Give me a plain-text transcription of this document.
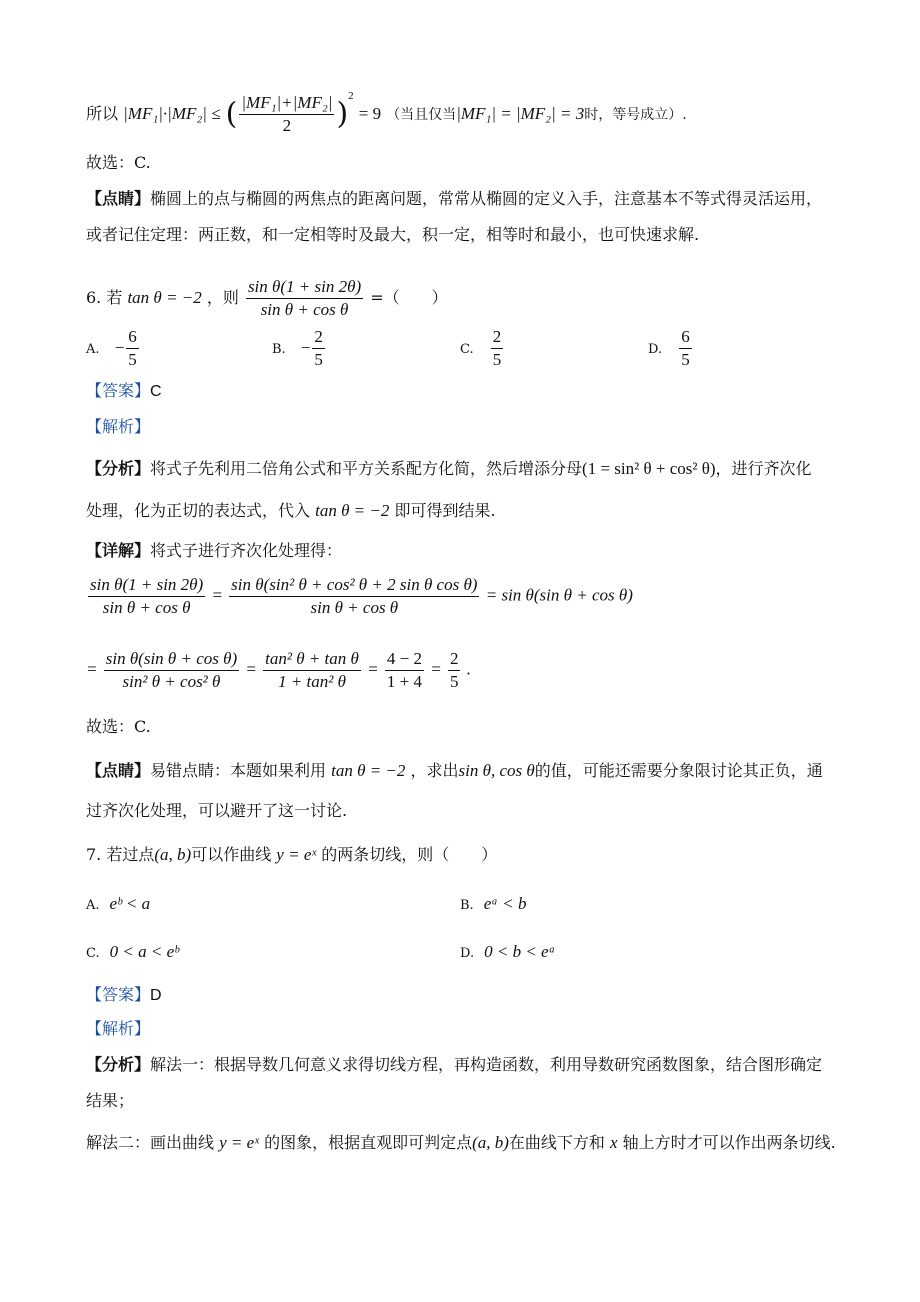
所以 |MF₁|·|MF₂| ≤ ( $\frac{\text{|MF₁|+|MF₂|}}{2} )^2 = 9$ （当且仅当|MF₁| = |MF₂| = 3时，等号成立）.
故选：C.
【点睛】椭圆上的点与椭圆的两焦点的距离问题，常常从椭圆的定义入手，注意基本不等式得灵活运用，
或者记住定理：两正数，和一定相等时及最大，积一定，相等时和最小，也可快速求解.
6. 若 tan θ = −2 ，则 $\frac{\text{sin θ(1 + sin 2θ)}}{\text{sin θ + cos θ}}$ =（　　）
A. − $\frac{6}{5}$	B. − $\frac{2}{5}$	C. $\frac{2}{5}$	D. $\frac{6}{5}$
【答案】C
【解析】
【分析】将式子先利用二倍角公式和平方关系配方化简，然后增添分母(1 = sin² θ + cos² θ)，进行齐次化
处理，化为正切的表达式，代入 tan θ = −2 即可得到结果.
【详解】将式子进行齐次化处理得：
$\frac{\text{sin θ(1 + sin 2θ)}}{\text{sin θ + cos θ}} = \frac{\text{sin θ(sin² θ + cos² θ + 2 sin θ cos θ)}}{\text{sin θ + cos θ}} = \sin \theta(\sin$ θ + cos θ)
= $\frac{\text{sin θ(sin θ + cos θ)}}{\text{sin² θ + cos² θ}} = \frac{\text{tan² θ + tan θ}}{\text{1 + tan² θ}} = \frac{4 - 2}{1 + 4} = \frac{2}{5}$ .
故选：C.
【点睛】易错点睛：本题如果利用 tan θ = −2 ，求出sin θ, cos θ的值，可能还需要分象限讨论其正负，通
过齐次化处理，可以避开了这一讨论.
7. 若过点(a, b)可以作曲线 y = eˣ 的两条切线，则（　　）
A. eᵇ < a	B. eᵃ < b
C. 0 < a < eᵇ	D. 0 < b < eᵃ
【答案】D
【解析】
【分析】解法一：根据导数几何意义求得切线方程，再构造函数，利用导数研究函数图象，结合图形确定
结果；
解法二：画出曲线 y = eˣ 的图象，根据直观即可判定点(a, b)在曲线下方和 x 轴上方时才可以作出两条切线.
